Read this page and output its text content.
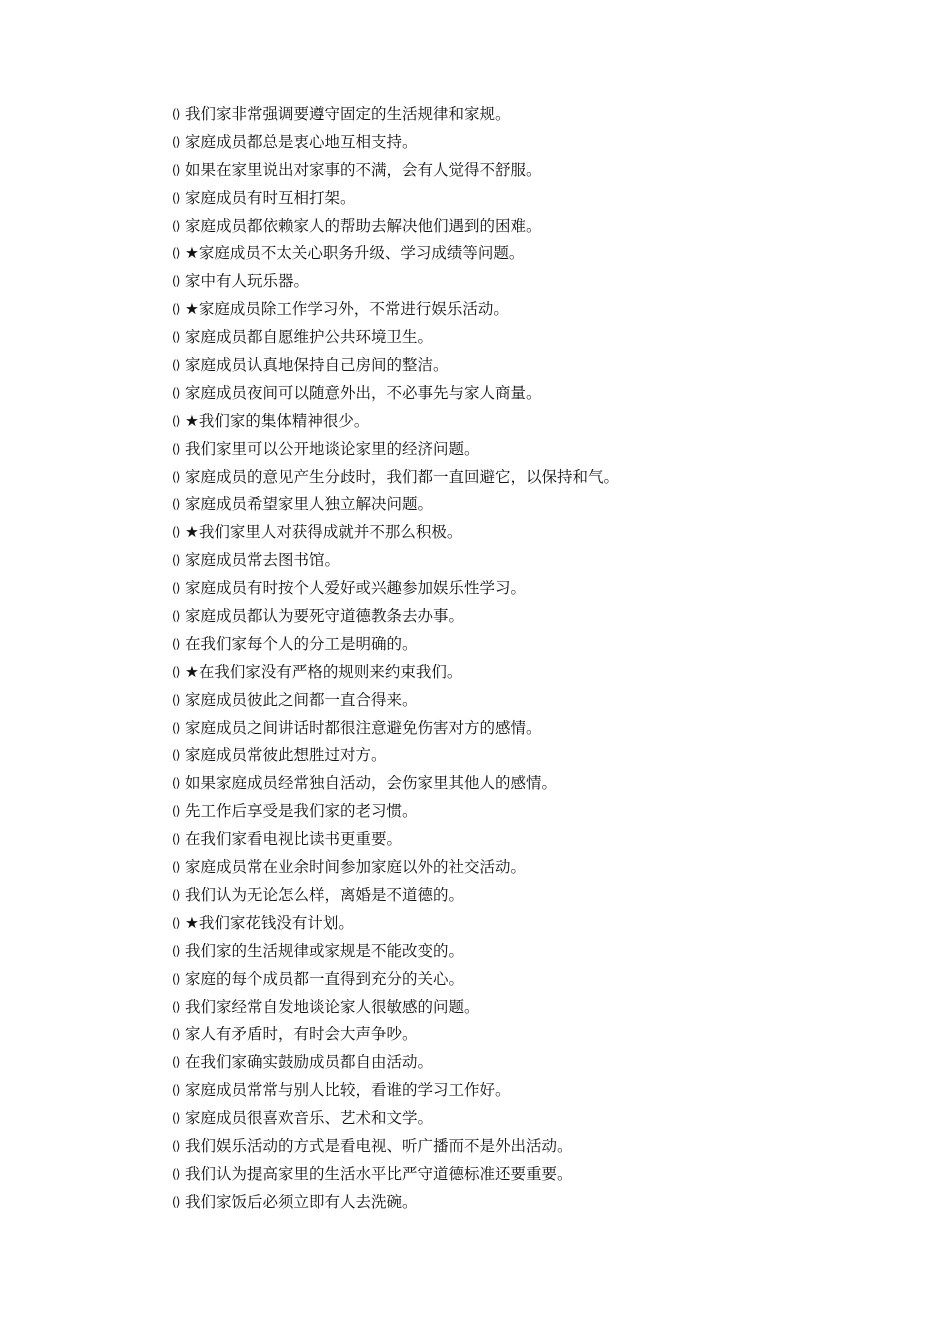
() 我们家非常强调要遵守固定的生活规律和家规。
() 家庭成员都总是衷心地互相支持。
() 如果在家里说出对家事的不满，会有人觉得不舒服。
() 家庭成员有时互相打架。
() 家庭成员都依赖家人的帮助去解决他们遇到的困难。
() ★家庭成员不太关心职务升级、学习成绩等问题。
() 家中有人玩乐器。
() ★家庭成员除工作学习外，不常进行娱乐活动。
() 家庭成员都自愿维护公共环境卫生。
() 家庭成员认真地保持自己房间的整洁。
() 家庭成员夜间可以随意外出，不必事先与家人商量。
() ★我们家的集体精神很少。
() 我们家里可以公开地谈论家里的经济问题。
() 家庭成员的意见产生分歧时，我们都一直回避它，以保持和气。
() 家庭成员希望家里人独立解决问题。
() ★我们家里人对获得成就并不那么积极。
() 家庭成员常去图书馆。
() 家庭成员有时按个人爱好或兴趣参加娱乐性学习。
() 家庭成员都认为要死守道德教条去办事。
() 在我们家每个人的分工是明确的。
() ★在我们家没有严格的规则来约束我们。
() 家庭成员彼此之间都一直合得来。
() 家庭成员之间讲话时都很注意避免伤害对方的感情。
() 家庭成员常彼此想胜过对方。
() 如果家庭成员经常独自活动，会伤家里其他人的感情。
() 先工作后享受是我们家的老习惯。
() 在我们家看电视比读书更重要。
() 家庭成员常在业余时间参加家庭以外的社交活动。
() 我们认为无论怎么样，离婚是不道德的。
() ★我们家花钱没有计划。
() 我们家的生活规律或家规是不能改变的。
() 家庭的每个成员都一直得到充分的关心。
() 我们家经常自发地谈论家人很敏感的问题。
() 家人有矛盾时，有时会大声争吵。
() 在我们家确实鼓励成员都自由活动。
() 家庭成员常常与别人比较，看谁的学习工作好。
() 家庭成员很喜欢音乐、艺术和文学。
() 我们娱乐活动的方式是看电视、听广播而不是外出活动。
() 我们认为提高家里的生活水平比严守道德标准还要重要。
() 我们家饭后必须立即有人去洗碗。
